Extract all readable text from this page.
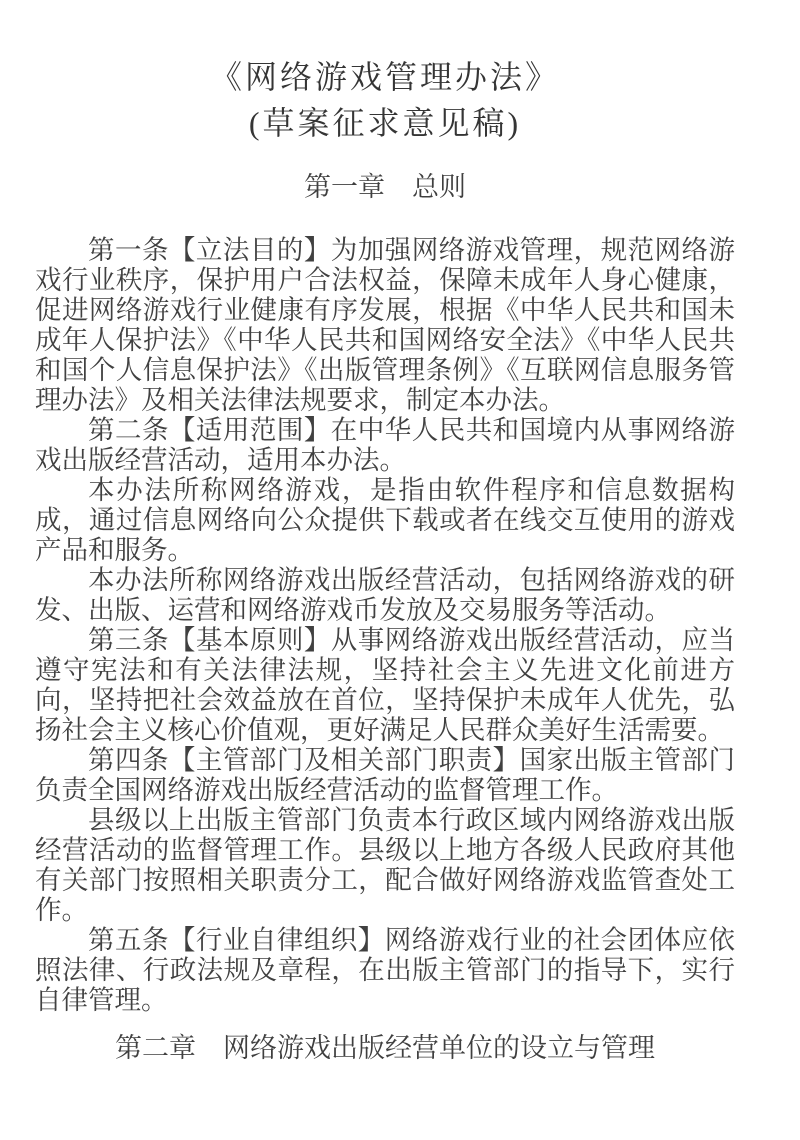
《网络游戏管理办法》
(草案征求意见稿)
第一章　总则

第一条【立法目的】为加强网络游戏管理，规范网络游戏行业秩序，保护用户合法权益，保障未成年人身心健康，促进网络游戏行业健康有序发展，根据《中华人民共和国未成年人保护法》《中华人民共和国网络安全法》《中华人民共和国个人信息保护法》《出版管理条例》《互联网信息服务管理办法》及相关法律法规要求，制定本办法。

第二条【适用范围】在中华人民共和国境内从事网络游戏出版经营活动，适用本办法。

本办法所称网络游戏，是指由软件程序和信息数据构成，通过信息网络向公众提供下载或者在线交互使用的游戏产品和服务。

本办法所称网络游戏出版经营活动，包括网络游戏的研发、出版、运营和网络游戏币发放及交易服务等活动。

第三条【基本原则】从事网络游戏出版经营活动，应当遵守宪法和有关法律法规，坚持社会主义先进文化前进方向，坚持把社会效益放在首位，坚持保护未成年人优先，弘扬社会主义核心价值观，更好满足人民群众美好生活需要。

第四条【主管部门及相关部门职责】国家出版主管部门负责全国网络游戏出版经营活动的监督管理工作。

县级以上出版主管部门负责本行政区域内网络游戏出版经营活动的监督管理工作。县级以上地方各级人民政府其他有关部门按照相关职责分工，配合做好网络游戏监管查处工作。

第五条【行业自律组织】网络游戏行业的社会团体应依照法律、行政法规及章程，在出版主管部门的指导下，实行自律管理。

第二章　网络游戏出版经营单位的设立与管理
